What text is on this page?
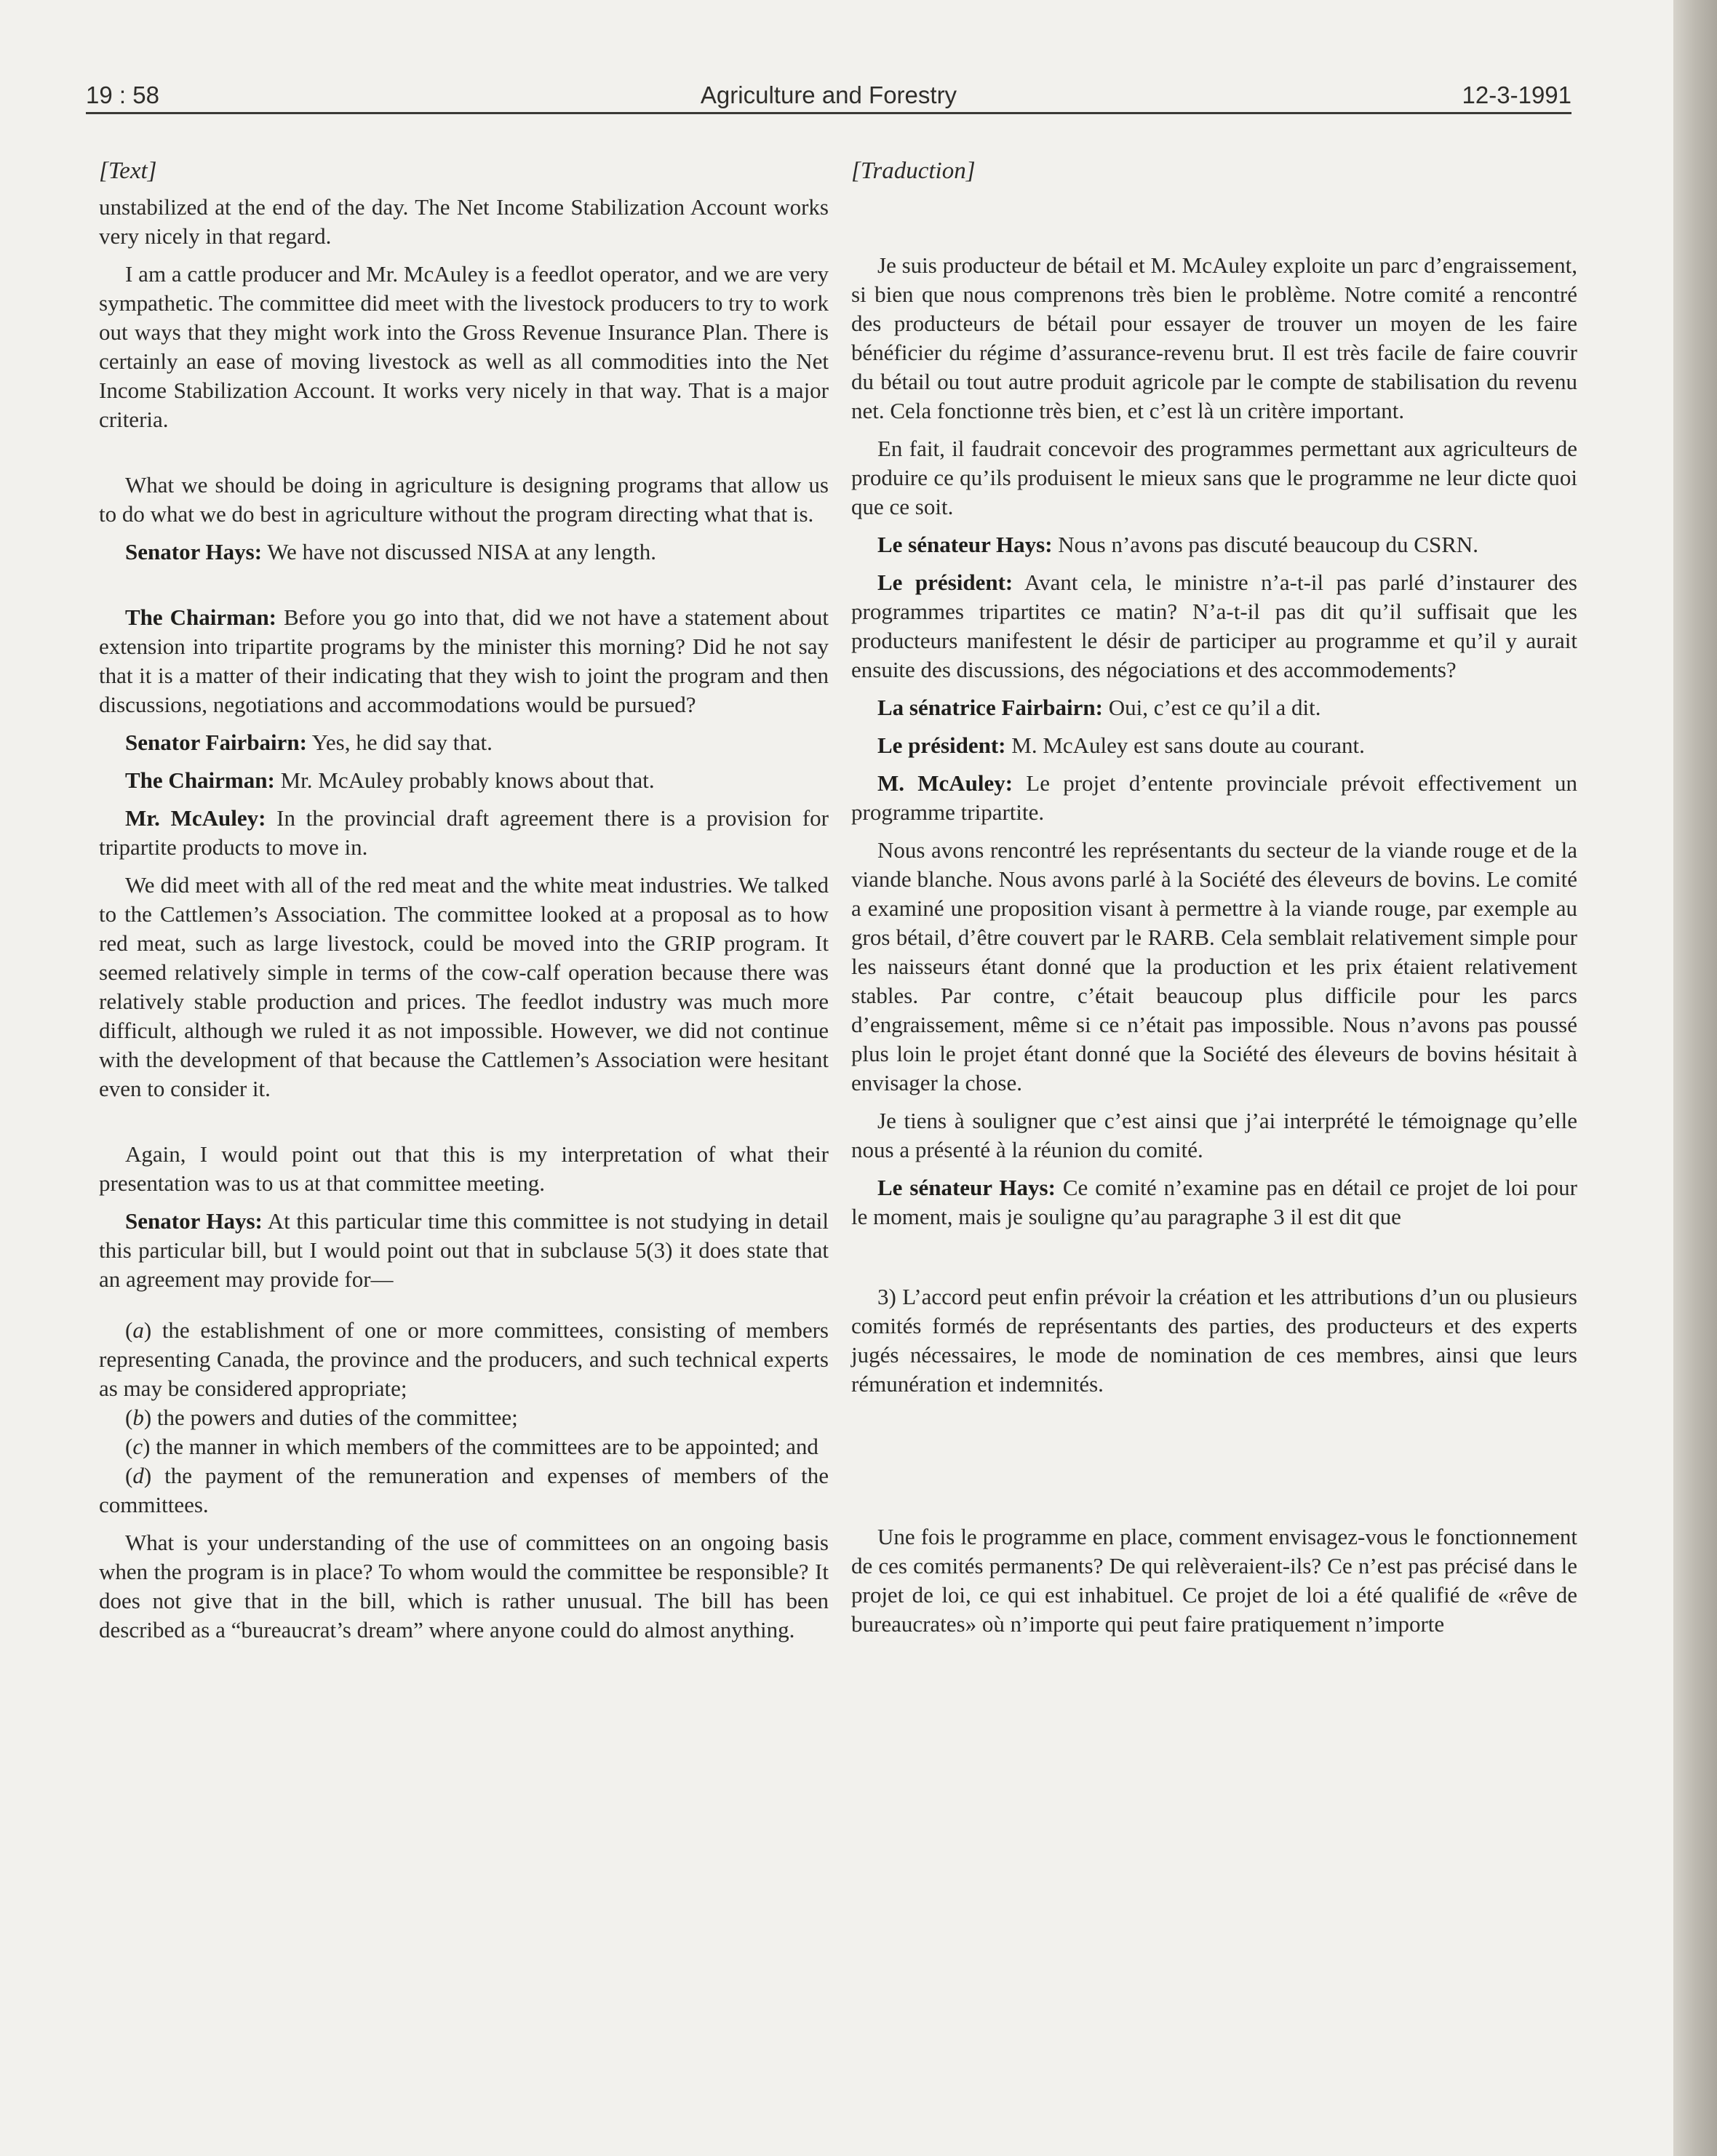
19 : 58	Agriculture and Forestry	12-3-1991

[Text]

unstabilized at the end of the day. The Net Income Stabilization Account works very nicely in that regard.

I am a cattle producer and Mr. McAuley is a feedlot operator, and we are very sympathetic. The committee did meet with the livestock producers to try to work out ways that they might work into the Gross Revenue Insurance Plan. There is certainly an ease of moving livestock as well as all commodities into the Net Income Stabilization Account. It works very nicely in that way. That is a major criteria.

What we should be doing in agriculture is designing programs that allow us to do what we do best in agriculture without the program directing what that is.

Senator Hays: We have not discussed NISA at any length.

The Chairman: Before you go into that, did we not have a statement about extension into tripartite programs by the minister this morning? Did he not say that it is a matter of their indicating that they wish to joint the program and then discussions, negotiations and accommodations would be pursued?

Senator Fairbairn: Yes, he did say that.

The Chairman: Mr. McAuley probably knows about that.

Mr. McAuley: In the provincial draft agreement there is a provision for tripartite products to move in.

We did meet with all of the red meat and the white meat industries. We talked to the Cattlemen’s Association. The committee looked at a proposal as to how red meat, such as large livestock, could be moved into the GRIP program. It seemed relatively simple in terms of the cow-calf operation because there was relatively stable production and prices. The feedlot industry was much more difficult, although we ruled it as not impossible. However, we did not continue with the development of that because the Cattlemen’s Association were hesitant even to consider it.

Again, I would point out that this is my interpretation of what their presentation was to us at that committee meeting.

Senator Hays: At this particular time this committee is not studying in detail this particular bill, but I would point out that in subclause 5(3) it does state that an agreement may provide for—

(a) the establishment of one or more committees, consisting of members representing Canada, the province and the producers, and such technical experts as may be considered appropriate;

(b) the powers and duties of the committee;

(c) the manner in which members of the committees are to be appointed; and

(d) the payment of the remuneration and expenses of members of the committees.

What is your understanding of the use of committees on an ongoing basis when the program is in place? To whom would the committee be responsible? It does not give that in the bill, which is rather unusual. The bill has been described as a “bureaucrat’s dream” where anyone could do almost anything.

[Traduction]

Je suis producteur de bétail et M. McAuley exploite un parc d’engraissement, si bien que nous comprenons très bien le problème. Notre comité a rencontré des producteurs de bétail pour essayer de trouver un moyen de les faire bénéficier du régime d’assurance-revenu brut. Il est très facile de faire couvrir du bétail ou tout autre produit agricole par le compte de stabilisation du revenu net. Cela fonctionne très bien, et c’est là un critère important.

En fait, il faudrait concevoir des programmes permettant aux agriculteurs de produire ce qu’ils produisent le mieux sans que le programme ne leur dicte quoi que ce soit.

Le sénateur Hays: Nous n’avons pas discuté beaucoup du CSRN.

Le président: Avant cela, le ministre n’a-t-il pas parlé d’instaurer des programmes tripartites ce matin? N’a-t-il pas dit qu’il suffisait que les producteurs manifestent le désir de participer au programme et qu’il y aurait ensuite des discussions, des négociations et des accommodements?

La sénatrice Fairbairn: Oui, c’est ce qu’il a dit.

Le président: M. McAuley est sans doute au courant.

M. McAuley: Le projet d’entente provinciale prévoit effectivement un programme tripartite.

Nous avons rencontré les représentants du secteur de la viande rouge et de la viande blanche. Nous avons parlé à la Société des éleveurs de bovins. Le comité a examiné une proposition visant à permettre à la viande rouge, par exemple au gros bétail, d’être couvert par le RARB. Cela semblait relativement simple pour les naisseurs étant donné que la production et les prix étaient relativement stables. Par contre, c’était beaucoup plus difficile pour les parcs d’engraissement, même si ce n’était pas impossible. Nous n’avons pas poussé plus loin le projet étant donné que la Société des éleveurs de bovins hésitait à envisager la chose.

Je tiens à souligner que c’est ainsi que j’ai interprété le témoignage qu’elle nous a présenté à la réunion du comité.

Le sénateur Hays: Ce comité n’examine pas en détail ce projet de loi pour le moment, mais je souligne qu’au paragraphe 3 il est dit que

3) L’accord peut enfin prévoir la création et les attributions d’un ou plusieurs comités formés de représentants des parties, des producteurs et des experts jugés nécessaires, le mode de nomination de ces membres, ainsi que leurs rémunération et indemnités.

Une fois le programme en place, comment envisagez-vous le fonctionnement de ces comités permanents? De qui relèveraient-ils? Ce n’est pas précisé dans le projet de loi, ce qui est inhabituel. Ce projet de loi a été qualifié de «rêve de bureaucrates» où n’importe qui peut faire pratiquement n’importe
